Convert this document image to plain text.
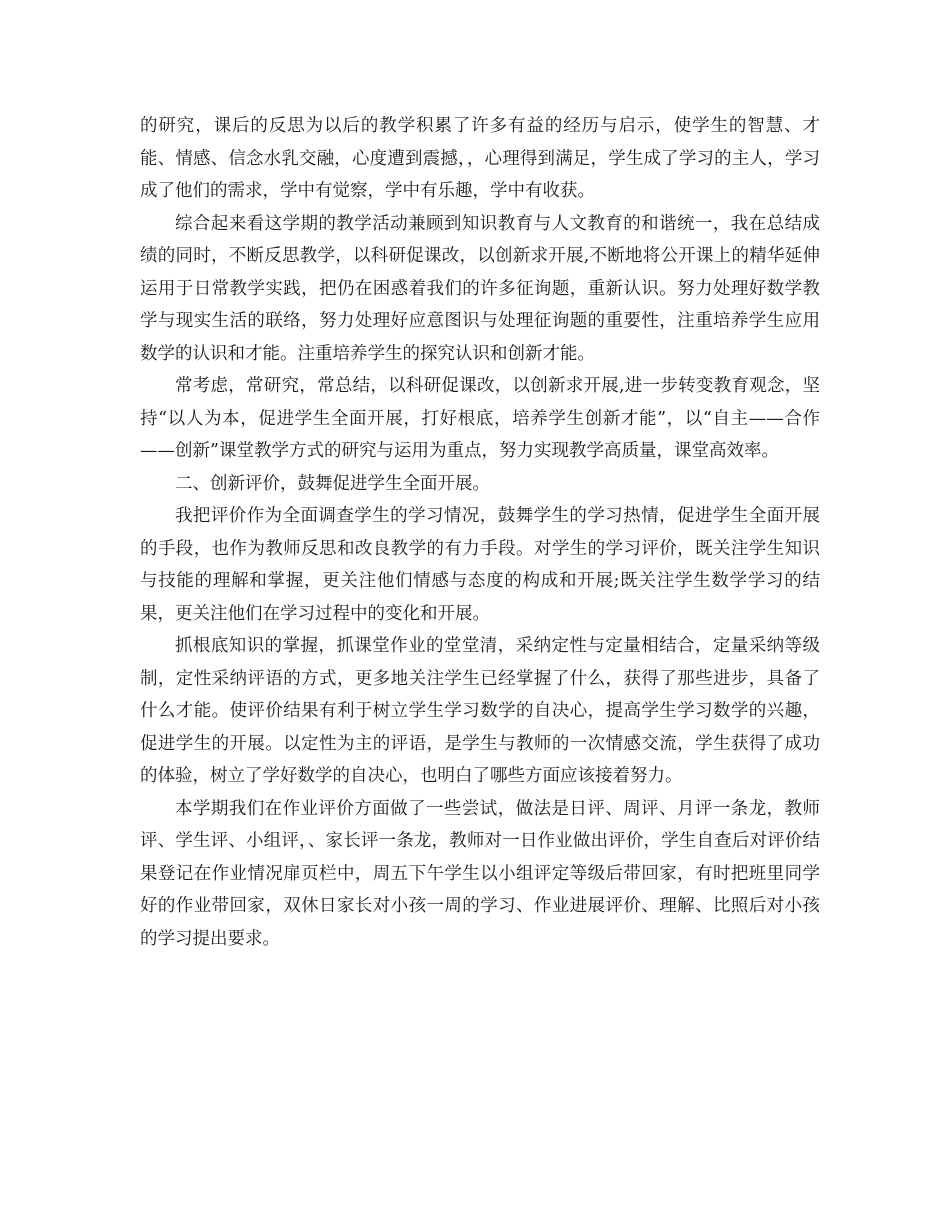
的研究，课后的反思为以后的教学积累了许多有益的经历与启示，使学生的智慧、才能、情感、信念水乳交融，心度遭到震撼，，心理得到满足，学生成了学习的主人，学习成了他们的需求，学中有觉察，学中有乐趣，学中有收获。

综合起来看这学期的教学活动兼顾到知识教育与人文教育的和谐统一，我在总结成绩的同时，不断反思教学，以科研促课改，以创新求开展,不断地将公开课上的精华延伸运用于日常教学实践，把仍在困惑着我们的许多征询题，重新认识。努力处理好数学教学与现实生活的联络，努力处理好应意图识与处理征询题的重要性，注重培养学生应用数学的认识和才能。注重培养学生的探究认识和创新才能。

常考虑，常研究，常总结，以科研促课改，以创新求开展,进一步转变教育观念，坚持“以人为本，促进学生全面开展，打好根底，培养学生创新才能”，以“自主——合作——创新”课堂教学方式的研究与运用为重点，努力实现教学高质量，课堂高效率。

二、创新评价，鼓舞促进学生全面开展。

我把评价作为全面调查学生的学习情况，鼓舞学生的学习热情，促进学生全面开展的手段，也作为教师反思和改良教学的有力手段。对学生的学习评价，既关注学生知识与技能的理解和掌握，更关注他们情感与态度的构成和开展;既关注学生数学学习的结果，更关注他们在学习过程中的变化和开展。

抓根底知识的掌握，抓课堂作业的堂堂清，采纳定性与定量相结合，定量采纳等级制，定性采纳评语的方式，更多地关注学生已经掌握了什么，获得了那些进步，具备了什么才能。使评价结果有利于树立学生学习数学的自决心，提高学生学习数学的兴趣，促进学生的开展。以定性为主的评语，是学生与教师的一次情感交流，学生获得了成功的体验，树立了学好数学的自决心，也明白了哪些方面应该接着努力。

本学期我们在作业评价方面做了一些尝试，做法是日评、周评、月评一条龙，教师评、学生评、小组评，、家长评一条龙，教师对一日作业做出评价，学生自查后对评价结果登记在作业情况扉页栏中，周五下午学生以小组评定等级后带回家，有时把班里同学好的作业带回家，双休日家长对小孩一周的学习、作业进展评价、理解、比照后对小孩的学习提出要求。
